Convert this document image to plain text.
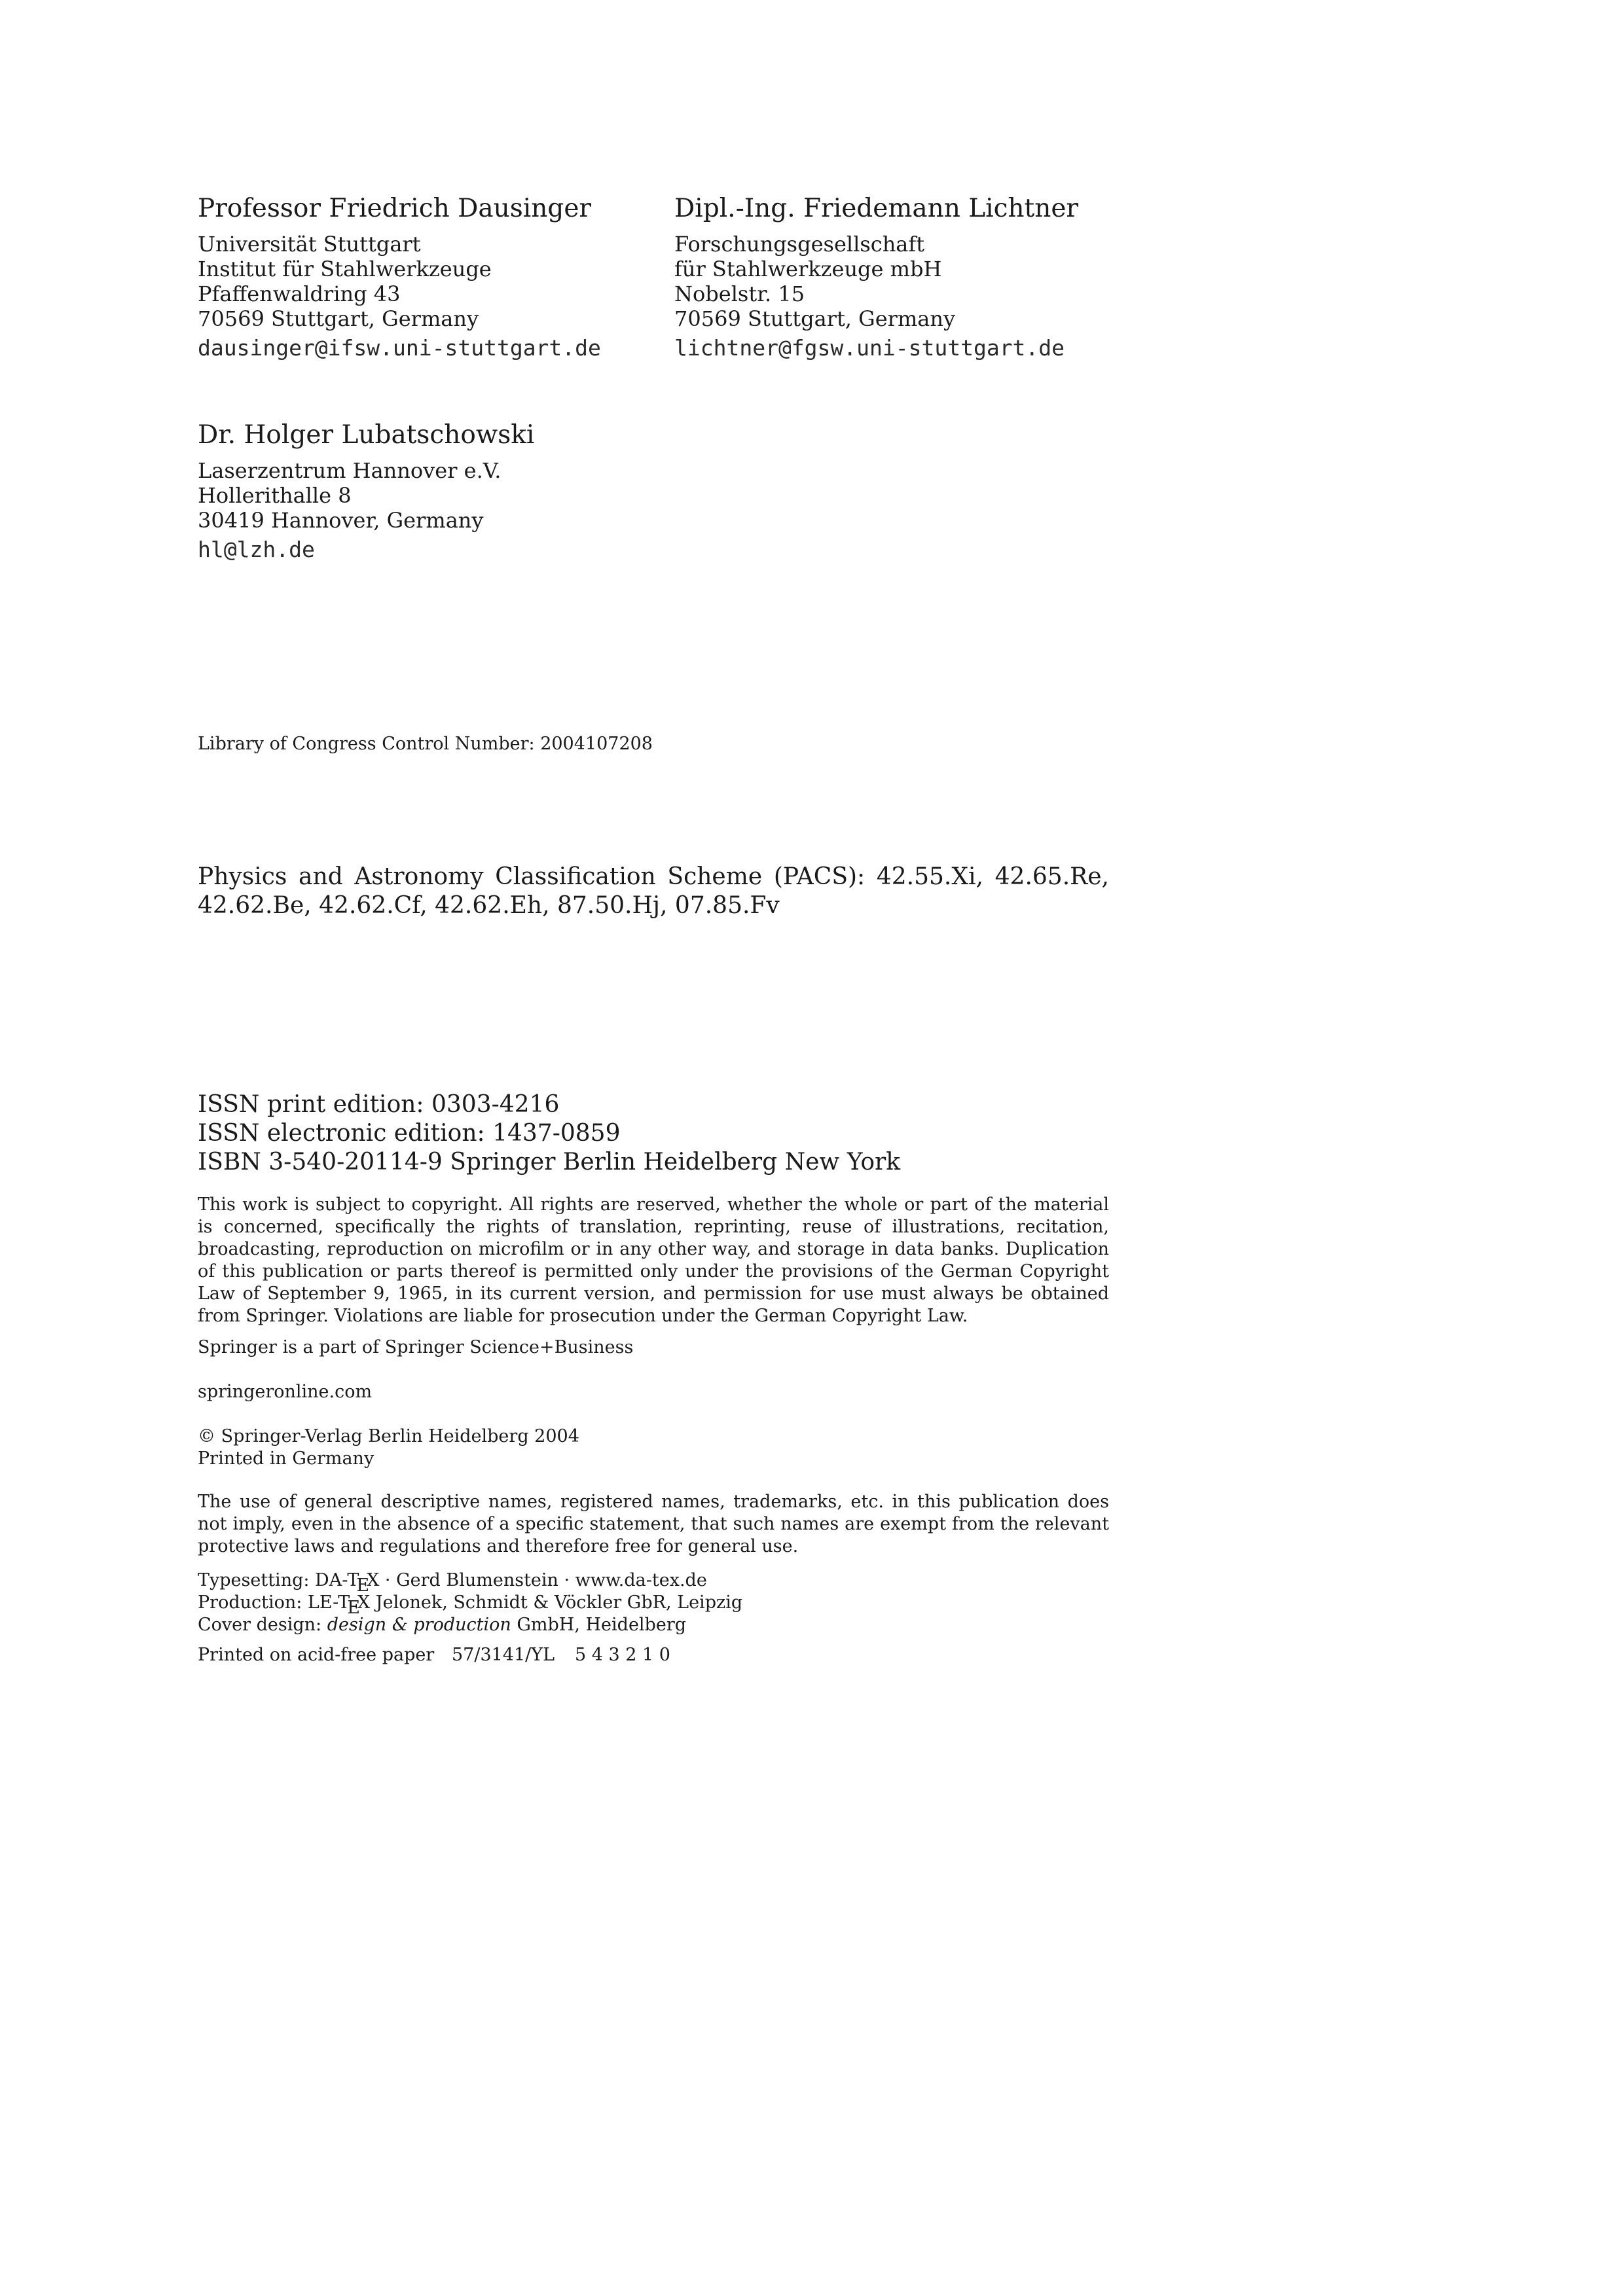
Professor Friedrich Dausinger
Universität Stuttgart
Institut für Stahlwerkzeuge
Pfaffenwaldring 43
70569 Stuttgart, Germany
dausinger@ifsw.uni-stuttgart.de
Dipl.-Ing. Friedemann Lichtner
Forschungsgesellschaft
für Stahlwerkzeuge mbH
Nobelstr. 15
70569 Stuttgart, Germany
lichtner@fgsw.uni-stuttgart.de
Dr. Holger Lubatschowski
Laserzentrum Hannover e.V.
Hollerithalle 8
30419 Hannover, Germany
hl@lzh.de
Library of Congress Control Number: 2004107208
Physics and Astronomy Classification Scheme (PACS): 42.55.Xi, 42.65.Re, 42.62.Be, 42.62.Cf, 42.62.Eh, 87.50.Hj, 07.85.Fv
ISSN print edition: 0303-4216
ISSN electronic edition: 1437-0859
ISBN 3-540-20114-9 Springer Berlin Heidelberg New York
This work is subject to copyright. All rights are reserved, whether the whole or part of the material is concerned, specifically the rights of translation, reprinting, reuse of illustrations, recitation, broadcasting, reproduction on microfilm or in any other way, and storage in data banks. Duplication of this publication or parts thereof is permitted only under the provisions of the German Copyright Law of September 9, 1965, in its current version, and permission for use must always be obtained from Springer. Violations are liable for prosecution under the German Copyright Law.
Springer is a part of Springer Science+Business
springeronline.com
© Springer-Verlag Berlin Heidelberg 2004
Printed in Germany
The use of general descriptive names, registered names, trademarks, etc. in this publication does not imply, even in the absence of a specific statement, that such names are exempt from the relevant protective laws and regulations and therefore free for general use.
Typesetting: DA-TEX · Gerd Blumenstein · www.da-tex.de
Production: LE-TEX Jelonek, Schmidt & Vöckler GbR, Leipzig
Cover design: design & production GmbH, Heidelberg
Printed on acid-free paper 57/3141/YL 5 4 3 2 1 0
